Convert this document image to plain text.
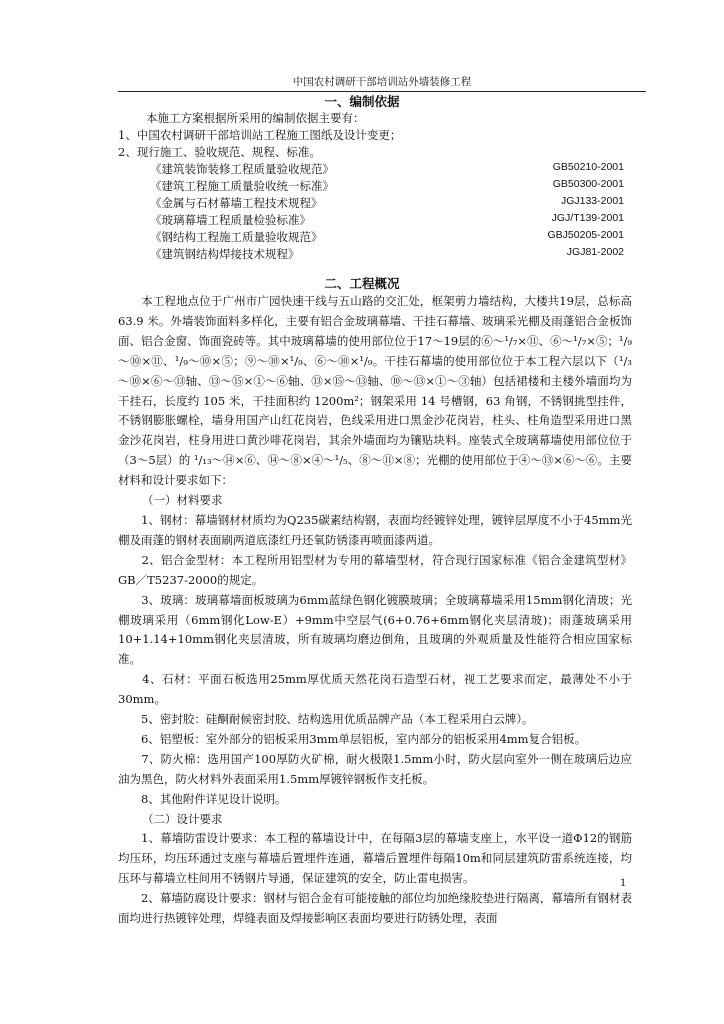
中国农村调研干部培训站外墙装修工程
一、编制依据
本施工方案根据所采用的编制依据主要有：
1、中国农村调研干部培训站工程施工图纸及设计变更；
2、现行施工、验收规范、规程、标准。
《建筑装饰装修工程质量验收规范》	GB50210-2001
《建筑工程施工质量验收统一标准》	GB50300-2001
《金属与石材幕墙工程技术规程》	JGJ133-2001
《玻璃幕墙工程质量检验标准》	JGJ/T139-2001
《钢结构工程施工质量验收规范》	GBJ50205-2001
《建筑钢结构焊接技术规程》	JGJ81-2002
二、工程概况

　　本工程地点位于广州市广园快速干线与五山路的交汇处，框架剪力墙结构，大楼共19层，总标高 63.9 米。外墙装饰面料多样化，主要有铝合金玻璃幕墙、干挂石幕墙、玻璃采光棚及雨蓬铝合金板饰面、铝合金窗、饰面瓷砖等。其中玻璃幕墙的使用部位位于17～19层的⑥～¹/₇×⑪、⑥～¹/₇×⑤；¹/₉～⑩×⑪、¹/₉～⑩×⑤；⑨～⑩×¹/₉、⑥～⑩×¹/₉。干挂石幕墙的使用部位位于本工程六层以下（¹/₃～⑩×⑥～⑬轴、⑬～⑮×①～⑥轴、⑬×⑮～⑬轴、⑩～⑬×①～③轴）包括裙楼和主楼外墙面均为干挂石，长度约 105 米，干挂面积约 1200m²；钢架采用 14 号槽钢，63 角钢，不锈钢挑型挂件，不锈钢膨胀螺栓，墙身用国产山红花岗岩，色线采用进口黑金沙花岗岩，柱头、柱角造型采用进口黑金沙花岗岩，柱身用进口黄沙啡花岗岩，其余外墙面均为镶贴块料。座装式全玻璃幕墙使用部位位于（3～5层）的 ¹/₁₃～⑭×⑥、⑭～⑧×④～¹/₅、⑧～⑪×⑧；光棚的使用部位于④～⑬×⑥～⑥。主要材料和设计要求如下：

（一）材料要求

　　1、钢材：幕墙钢材材质均为Q235碳素结构钢，表面均经镀锌处理，镀锌层厚度不小于45mm光棚及雨蓬的钢材表面刷两道底漆红丹还氧防锈漆再喷面漆两道。

　　2、铝合金型材：本工程所用铝型材为专用的幕墙型材，符合现行国家标准《铝合金建筑型材》GB／T5237-2000的规定。

　　3、玻璃：玻璃幕墙面板玻璃为6mm蓝绿色钢化镀膜玻璃；全玻璃幕墙采用15mm钢化清玻；光棚玻璃采用（6mm钢化Low-E）+9mm中空层气(6+0.76+6mm钢化夹层清玻)；雨蓬玻璃采用10+1.14+10mm钢化夹层清玻，所有玻璃均磨边倒角，且玻璃的外观质量及性能符合相应国家标准。

　　4、石材：平面石板选用25mm厚优质天然花岗石造型石材，视工艺要求而定，最薄处不小于30mm。

　　5、密封胶：硅酮耐候密封胶、结构选用优质品牌产品（本工程采用白云牌）。

　　6、铝塑板：室外部分的铝板采用3mm单层铝板，室内部分的铝板采用4mm复合铝板。

　　7、防火棉：选用国产100厚防火矿棉，耐火极限1.5mm小时，防火层向室外一侧在玻璃后边应油为黑色，防火材料外表面采用1.5mm厚镀锌钢板作支托板。

　　8、其他附件详见设计说明。

（二）设计要求

　　1、幕墙防雷设计要求：本工程的幕墙设计中，在每隔3层的幕墙支座上，水平设一道Φ12的钢筋均压环，均压环通过支座与幕墙后置埋件连通，幕墙后置埋件每隔10m和同层建筑防雷系统连接，均压环与幕墙立柱间用不锈钢片导通，保证建筑的安全，防止雷电损害。

　　2、幕墙防腐设计要求：钢材与铝合金有可能接触的部位均加绝缘胶垫进行隔离，幕墙所有钢材表面均进行热镀锌处理，焊缝表面及焊接影响区表面均要进行防锈处理，表面

1
